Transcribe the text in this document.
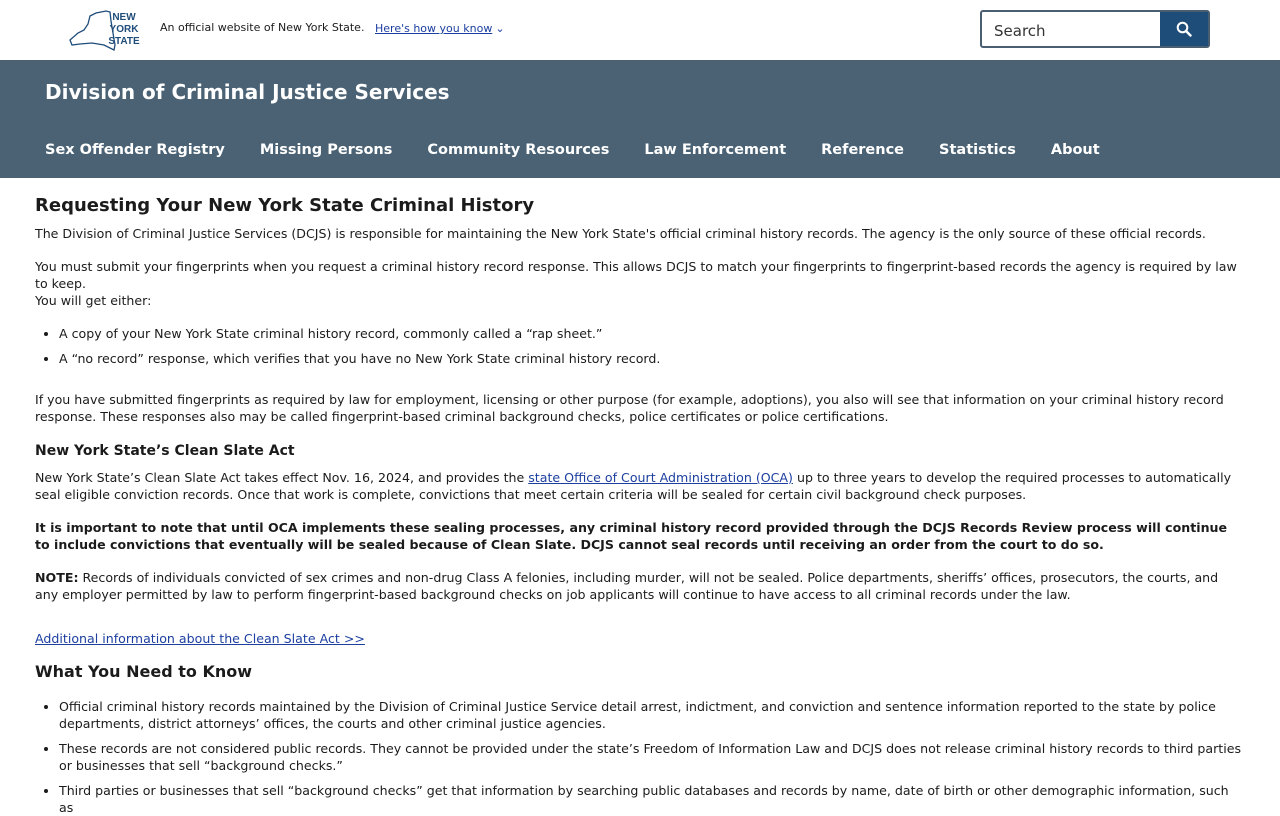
NEW
YORK
STATE
An official website of New York State. Here's how you know ⌄
Search
Division of Criminal Justice Services
Sex Offender Registry Missing Persons Community Resources Law Enforcement Reference Statistics About
Requesting Your New York State Criminal History

The Division of Criminal Justice Services (DCJS) is responsible for maintaining the New York State's official criminal history records. The agency is the only source of these official records.

You must submit your fingerprints when you request a criminal history record response. This allows DCJS to match your fingerprints to fingerprint-based records the agency is required by law to keep.

You will get either:

• A copy of your New York State criminal history record, commonly called a “rap sheet.”
• A “no record” response, which verifies that you have no New York State criminal history record.

If you have submitted fingerprints as required by law for employment, licensing or other purpose (for example, adoptions), you also will see that information on your criminal history record response. These responses also may be called fingerprint-based criminal background checks, police certificates or police certifications.

New York State’s Clean Slate Act

New York State’s Clean Slate Act takes effect Nov. 16, 2024, and provides the state Office of Court Administration (OCA) up to three years to develop the required processes to automatically seal eligible conviction records. Once that work is complete, convictions that meet certain criteria will be sealed for certain civil background check purposes.

It is important to note that until OCA implements these sealing processes, any criminal history record provided through the DCJS Records Review process will continue to include convictions that eventually will be sealed because of Clean Slate. DCJS cannot seal records until receiving an order from the court to do so.

NOTE: Records of individuals convicted of sex crimes and non-drug Class A felonies, including murder, will not be sealed. Police departments, sheriffs’ offices, prosecutors, the courts, and any employer permitted by law to perform fingerprint-based background checks on job applicants will continue to have access to all criminal records under the law.

Additional information about the Clean Slate Act >>

What You Need to Know
• Official criminal history records maintained by the Division of Criminal Justice Service detail arrest, indictment, and conviction and sentence information reported to the state by police departments, district attorneys’ offices, the courts and other criminal justice agencies.
• These records are not considered public records. They cannot be provided under the state’s Freedom of Information Law and DCJS does not release criminal history records to third parties or businesses that sell “background checks.”
• Third parties or businesses that sell “background checks” get that information by searching public databases and records by name, date of birth or other demographic information, such as
